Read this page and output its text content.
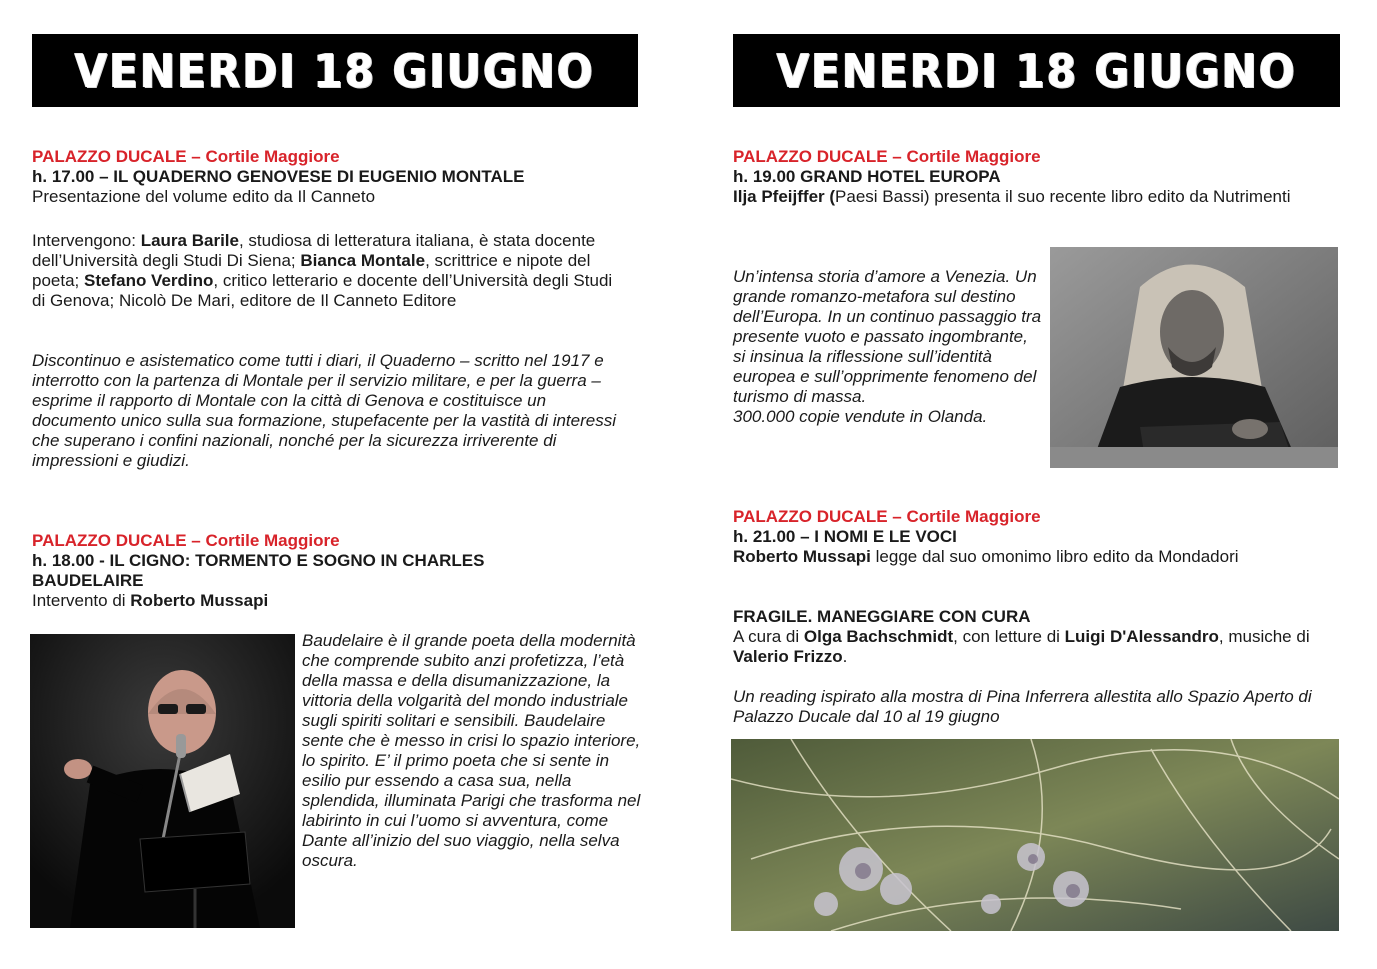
VENERDI 18 GIUGNO

PALAZZO DUCALE – Cortile Maggiore

h. 17.00 – IL QUADERNO GENOVESE DI EUGENIO MONTALE

Presentazione del volume edito da Il Canneto

Intervengono: Laura Barile, studiosa di letteratura italiana, è stata docente dell’Università degli Studi Di Siena; Bianca Montale, scrittrice e nipote del poeta; Stefano Verdino, critico letterario e docente dell’Università degli Studi di Genova; Nicolò De Mari, editore de Il Canneto Editore

Discontinuo e asistematico come tutti i diari, il Quaderno – scritto nel 1917 e interrotto con la partenza di Montale per il servizio militare, e per la guerra – esprime il rapporto di Montale con la città di Genova e costituisce un documento unico sulla sua formazione, stupefacente per la vastità di interessi che superano i confini nazionali, nonché per la sicurezza irriverente di impressioni e giudizi.

PALAZZO DUCALE – Cortile Maggiore

h. 18.00 - IL CIGNO: TORMENTO E SOGNO IN CHARLES BAUDELAIRE

Intervento di Roberto Mussapi

Baudelaire è il grande poeta della modernità che comprende subito anzi profetizza, l’età della massa e della disumanizzazione, la vittoria della volgarità del mondo industriale sugli spiriti solitari e sensibili. Baudelaire sente che è messo in crisi lo spazio interiore, lo spirito. E’ il primo poeta che si sente in esilio pur essendo a casa sua, nella splendida, illuminata Parigi che trasforma nel labirinto in cui l’uomo si avventura, come Dante all’inizio del suo viaggio, nella selva oscura.

VENERDI 18 GIUGNO

PALAZZO DUCALE – Cortile Maggiore

h. 19.00 GRAND HOTEL EUROPA

Ilja Pfeijffer (Paesi Bassi) presenta il suo recente libro edito da Nutrimenti

Un’intensa storia d’amore a Venezia. Un grande romanzo-metafora sul destino dell’Europa. In un continuo passaggio tra presente vuoto e passato ingombrante, si insinua la riflessione sull’identità europea e sull’opprimente fenomeno del turismo di massa.
300.000 copie vendute in Olanda.

PALAZZO DUCALE – Cortile Maggiore

h. 21.00 – I NOMI E LE VOCI

Roberto Mussapi legge dal suo omonimo libro edito da Mondadori

FRAGILE. MANEGGIARE CON CURA

A cura di Olga Bachschmidt, con letture di Luigi D'Alessandro, musiche di Valerio Frizzo.

Un reading ispirato alla mostra di Pina Inferrera allestita allo Spazio Aperto di Palazzo Ducale dal 10 al 19 giugno
